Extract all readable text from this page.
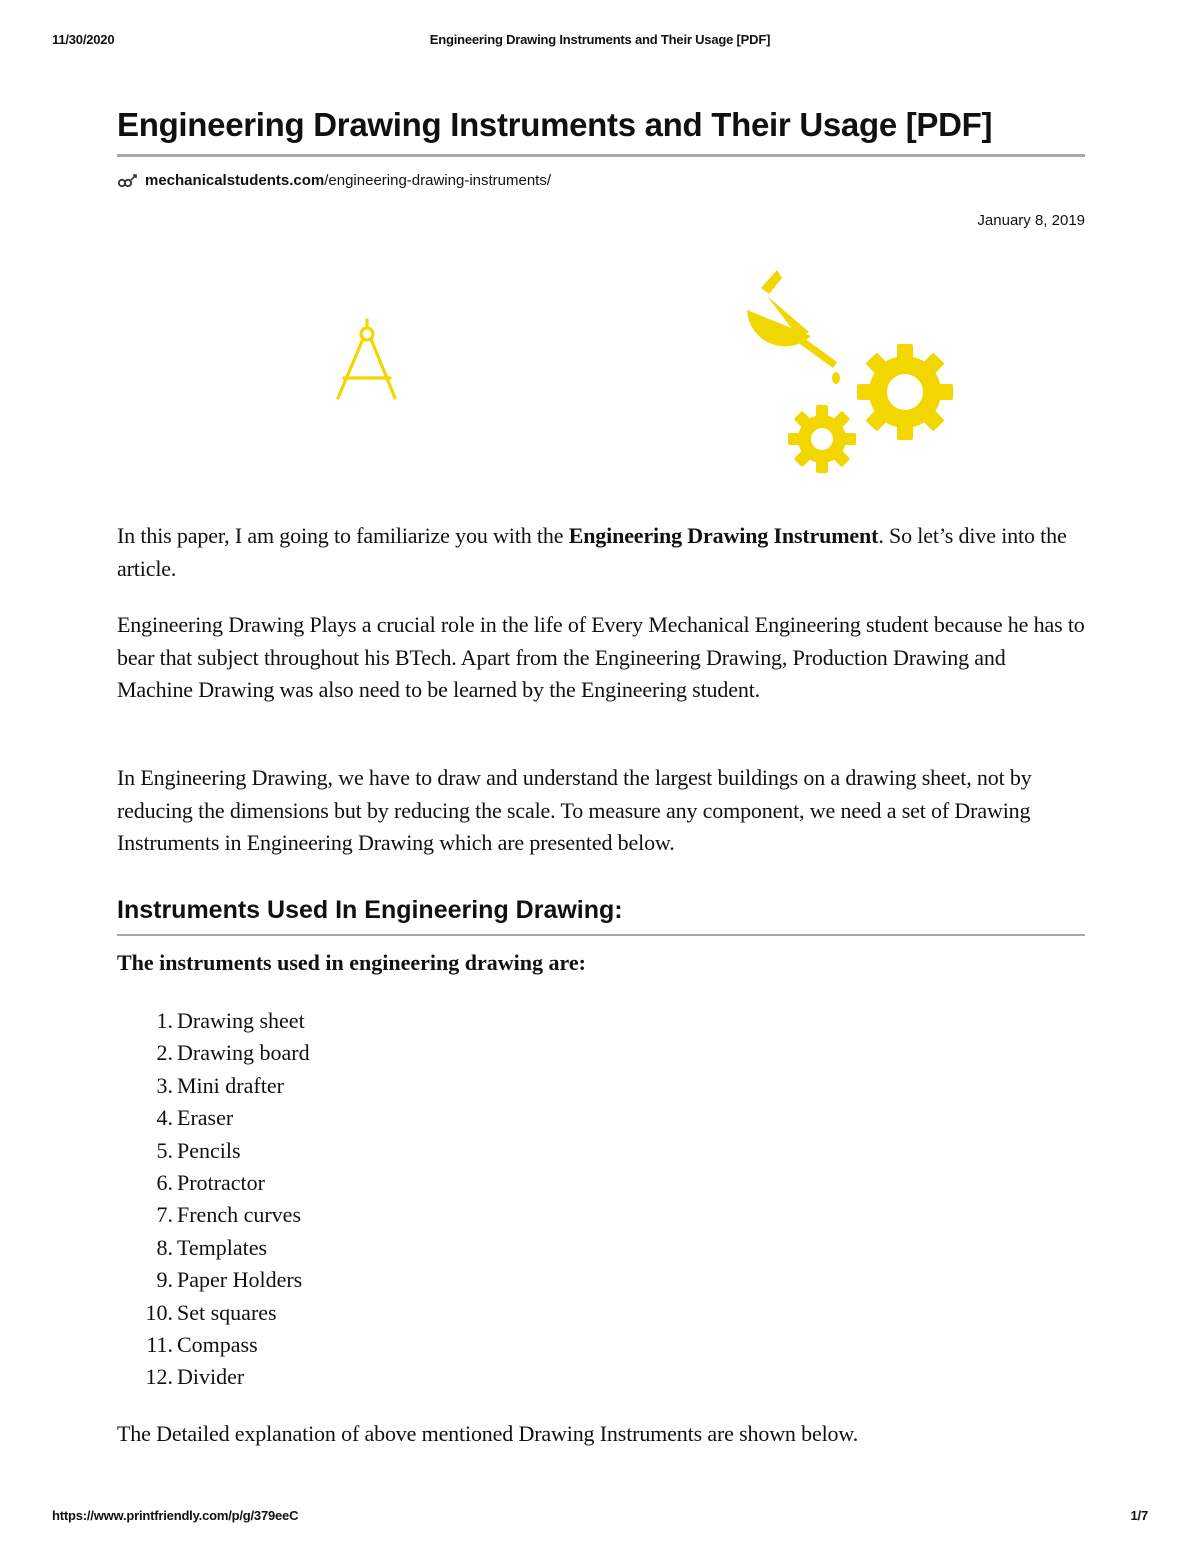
11/30/2020	Engineering Drawing Instruments and Their Usage [PDF]
Engineering Drawing Instruments and Their Usage [PDF]
mechanicalstudents.com /engineering-drawing-instruments/
January 8, 2019

In this paper, I am going to familiarize you with the Engineering Drawing Instrument. So let’s dive into the article.

Engineering Drawing Plays a crucial role in the life of Every Mechanical Engineering student because he has to bear that subject throughout his BTech. Apart from the Engineering Drawing, Production Drawing and Machine Drawing was also need to be learned by the Engineering student.

In Engineering Drawing, we have to draw and understand the largest buildings on a drawing sheet, not by reducing the dimensions but by reducing the scale. To measure any component, we need a set of Drawing Instruments in Engineering Drawing which are presented below.

Instruments Used In Engineering Drawing:

The instruments used in engineering drawing are:

1. Drawing sheet
2. Drawing board
3. Mini drafter
4. Eraser
5. Pencils
6. Protractor
7. French curves
8. Templates
9. Paper Holders
10. Set squares
11. Compass
12. Divider

The Detailed explanation of above mentioned Drawing Instruments are shown below.

https://www.printfriendly.com/p/g/379eeC	1/7
